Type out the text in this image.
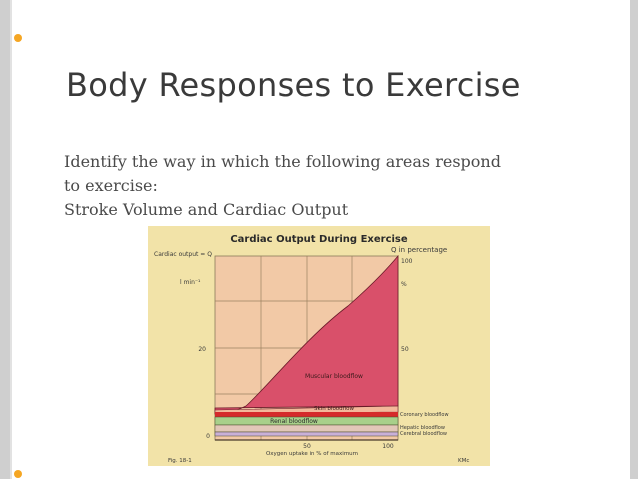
Body Responses to Exercise
Identify the way in which the following areas respond
to exercise:
Stroke Volume and Cardiac Output
Cardiac Output During Exercise
Cardiac output = Q
l min⁻¹
Q in percentage
%
20
0
100
50
50	100
Oxygen uptake in % of maximum
Muscular bloodflow
Skin bloodflow
Renal bloodflow
Coronary bloodflow
Hepatic bloodflow
Cerebral bloodflow
Fig. 18-1	KMc
